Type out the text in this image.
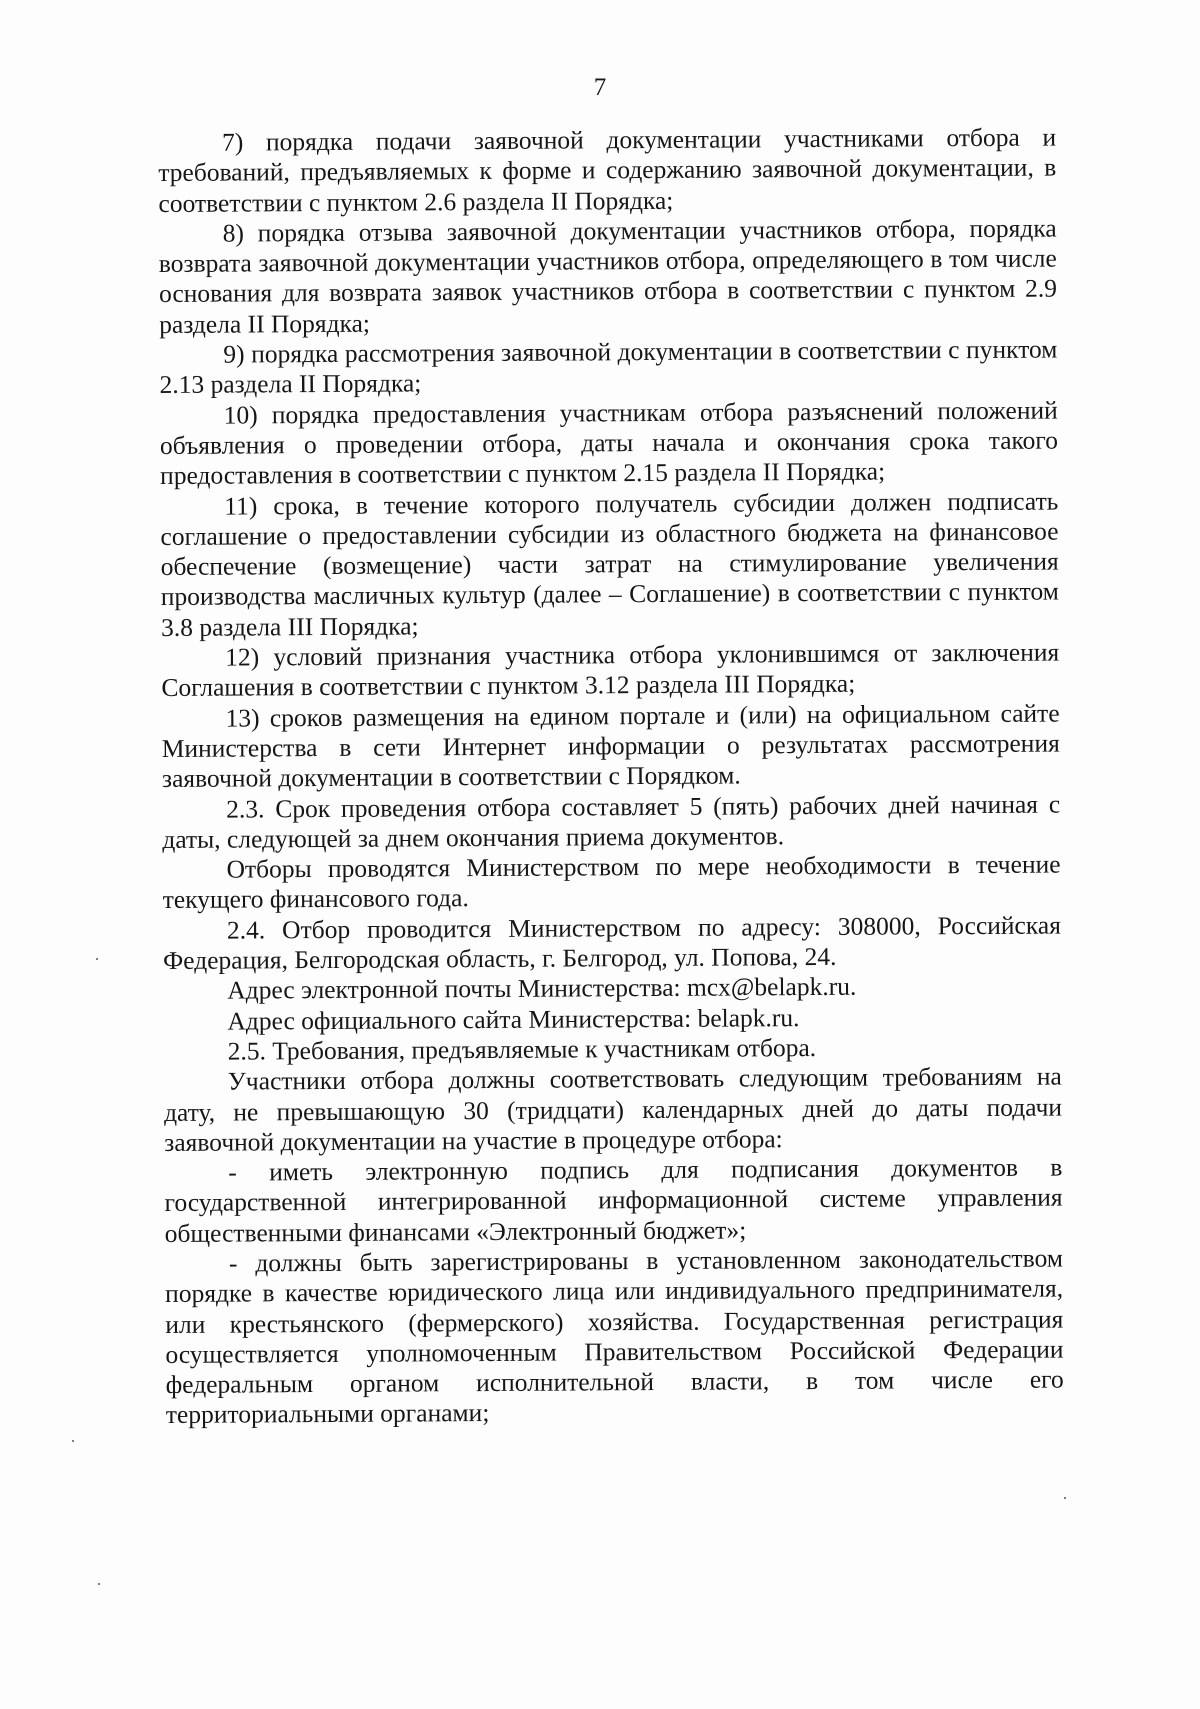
7

7) порядка подачи заявочной документации участниками отбора и требований, предъявляемых к форме и содержанию заявочной документации, в соответствии с пунктом 2.6 раздела II Порядка;

8) порядка отзыва заявочной документации участников отбора, порядка возврата заявочной документации участников отбора, определяющего в том числе основания для возврата заявок участников отбора в соответствии с пунктом 2.9 раздела II Порядка;

9) порядка рассмотрения заявочной документации в соответствии с пунктом 2.13 раздела II Порядка;

10) порядка предоставления участникам отбора разъяснений положений объявления о проведении отбора, даты начала и окончания срока такого предоставления в соответствии с пунктом 2.15 раздела II Порядка;

11) срока, в течение которого получатель субсидии должен подписать соглашение о предоставлении субсидии из областного бюджета на финансовое обеспечение (возмещение) части затрат на стимулирование увеличения производства масличных культур (далее – Соглашение) в соответствии с пунктом 3.8 раздела III Порядка;

12) условий признания участника отбора уклонившимся от заключения Соглашения в соответствии с пунктом 3.12 раздела III Порядка;

13) сроков размещения на едином портале и (или) на официальном сайте Министерства в сети Интернет информации о результатах рассмотрения заявочной документации в соответствии с Порядком.

2.3. Срок проведения отбора составляет 5 (пять) рабочих дней начиная с даты, следующей за днем окончания приема документов.

Отборы проводятся Министерством по мере необходимости в течение текущего финансового года.

2.4. Отбор проводится Министерством по адресу: 308000, Российская Федерация, Белгородская область, г. Белгород, ул. Попова, 24.

Адрес электронной почты Министерства: mcx@belapk.ru.

Адрес официального сайта Министерства: belapk.ru.

2.5. Требования, предъявляемые к участникам отбора.

Участники отбора должны соответствовать следующим требованиям на дату, не превышающую 30 (тридцати) календарных дней до даты подачи заявочной документации на участие в процедуре отбора:

- иметь электронную подпись для подписания документов в государственной интегрированной информационной системе управления общественными финансами «Электронный бюджет»;

- должны быть зарегистрированы в установленном законодательством порядке в качестве юридического лица или индивидуального предпринимателя, или крестьянского (фермерского) хозяйства. Государственная регистрация осуществляется уполномоченным Правительством Российской Федерации федеральным органом исполнительной власти, в том числе его территориальными органами;
